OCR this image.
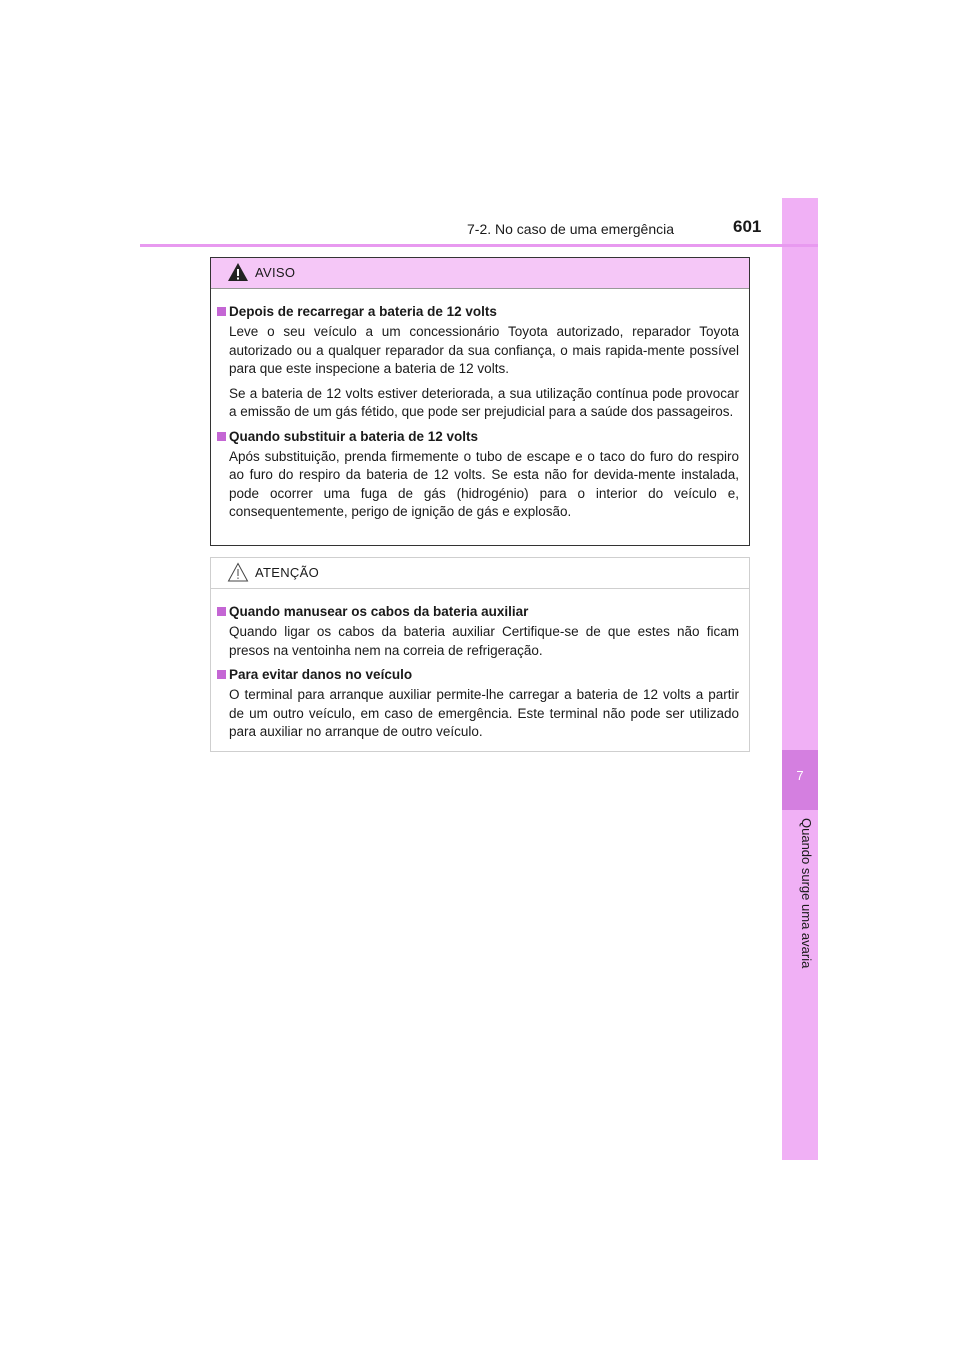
7
Quando surge uma avaria
7-2. No caso de uma emergência	601
AVISO
Depois de recarregar a bateria de 12 volts

Leve o seu veículo a um concessionário Toyota autorizado, reparador Toyota autorizado ou a qualquer reparador da sua confiança, o mais rapida-mente possível para que este inspecione a bateria de 12 volts.

Se a bateria de 12 volts estiver deteriorada, a sua utilização contínua pode provocar a emissão de um gás fétido, que pode ser prejudicial para a saúde dos passageiros.

Quando substituir a bateria de 12 volts

Após substituição, prenda firmemente o tubo de escape e o taco do furo do respiro ao furo do respiro da bateria de 12 volts. Se esta não for devida-mente instalada, pode ocorrer uma fuga de gás (hidrogénio) para o interior do veículo e, consequentemente, perigo de ignição de gás e explosão.

ATENÇÃO
Quando manusear os cabos da bateria auxiliar

Quando ligar os cabos da bateria auxiliar Certifique-se de que estes não ficam presos na ventoinha nem na correia de refrigeração.

Para evitar danos no veículo

O terminal para arranque auxiliar permite-lhe carregar a bateria de 12 volts a partir de um outro veículo, em caso de emergência. Este terminal não pode ser utilizado para auxiliar no arranque de outro veículo.
